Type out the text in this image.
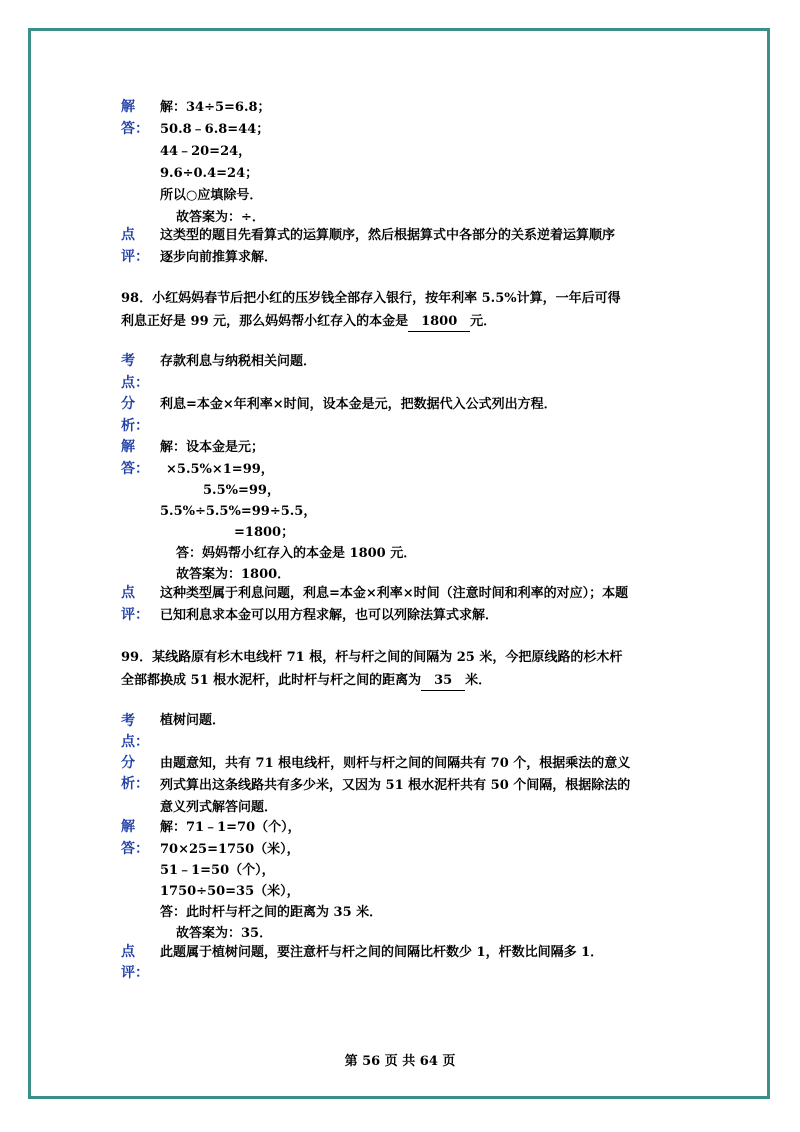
解
答：
解：34÷5=6.8；
50.8﹣6.8=44；
44﹣20=24，
9.6÷0.4=24；
所以○应填除号．
故答案为：÷．
点
评：
这类型的题目先看算式的运算顺序，然后根据算式中各部分的关系逆着运算顺序
逐步向前推算求解．
98．小红妈妈春节后把小红的压岁钱全部存入银行，按年利率 5.5%计算，一年后可得
利息正好是 99 元，那么妈妈帮小红存入的本金是 1800 元．
考
点：
存款利息与纳税相关问题．
分
析：
利息=本金×年利率×时间，设本金是元，把数据代入公式列出方程．
解
答：
解：设本金是元；
×5.5%×1=99，
5.5%=99，
5.5%÷5.5%=99÷5.5，
=1800；
答：妈妈帮小红存入的本金是 1800 元．
故答案为：1800．
点
评：
这种类型属于利息问题，利息=本金×利率×时间（注意时间和利率的对应）；本题
已知利息求本金可以用方程求解，也可以列除法算式求解．
99．某线路原有杉木电线杆 71 根，杆与杆之间的间隔为 25 米，今把原线路的杉木杆
全部都换成 51 根水泥杆，此时杆与杆之间的距离为 35 米．
考
点：
植树问题．
分
析：
由题意知，共有 71 根电线杆，则杆与杆之间的间隔共有 70 个，根据乘法的意义
列式算出这条线路共有多少米，又因为 51 根水泥杆共有 50 个间隔，根据除法的
意义列式解答问题．
解
答：
解：71﹣1=70（个），
70×25=1750（米），
51﹣1=50（个），
1750÷50=35（米），
答：此时杆与杆之间的距离为 35 米．
故答案为：35．
点
评：
此题属于植树问题，要注意杆与杆之间的间隔比杆数少 1，杆数比间隔多 1．
第 56 页 共 64 页
